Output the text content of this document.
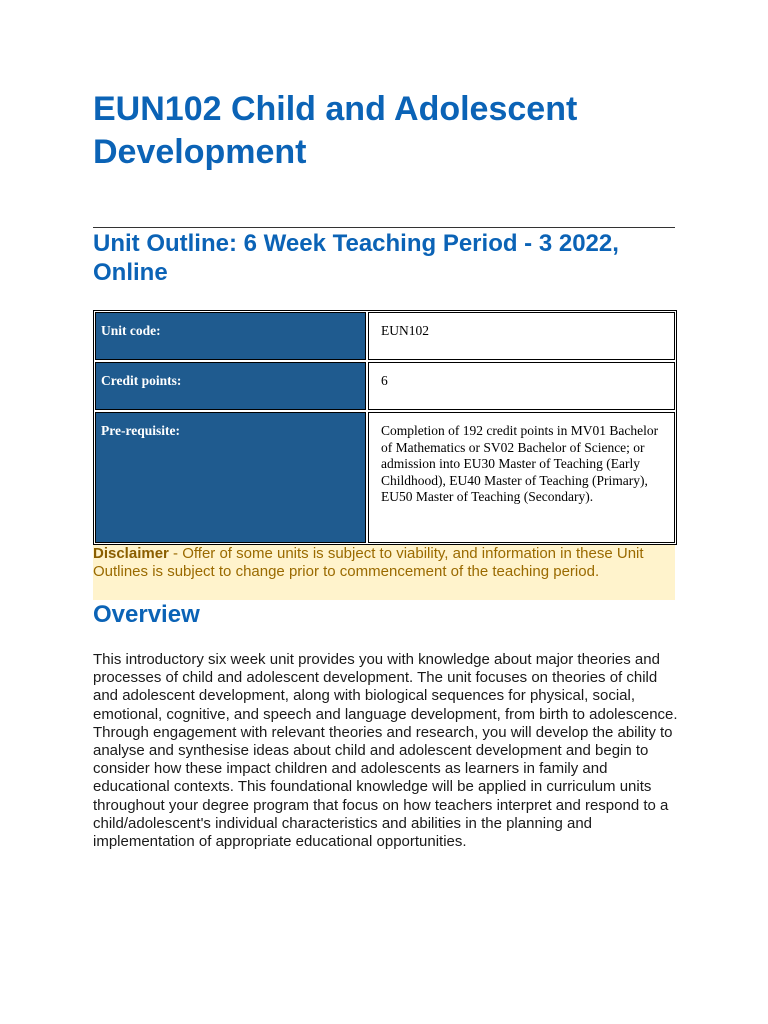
EUN102 Child and Adolescent Development
Unit Outline: 6 Week Teaching Period - 3 2022, Online
Unit code:	EUN102
Credit points:	6
Pre-requisite:	Completion of 192 credit points in MV01 Bachelor of Mathematics or SV02 Bachelor of Science; or admission into EU30 Master of Teaching (Early Childhood), EU40 Master of Teaching (Primary), EU50 Master of Teaching (Secondary).
Disclaimer - Offer of some units is subject to viability, and information in these Unit Outlines is subject to change prior to commencement of the teaching period.
Overview

This introductory six week unit provides you with knowledge about major theories and processes of child and adolescent development. The unit focuses on theories of child and adolescent development, along with biological sequences for physical, social, emotional, cognitive, and speech and language development, from birth to adolescence. Through engagement with relevant theories and research, you will develop the ability to analyse and synthesise ideas about child and adolescent development and begin to consider how these impact children and adolescents as learners in family and educational contexts. This foundational knowledge will be applied in curriculum units throughout your degree program that focus on how teachers interpret and respond to a child/adolescent's individual characteristics and abilities in the planning and implementation of appropriate educational opportunities.
